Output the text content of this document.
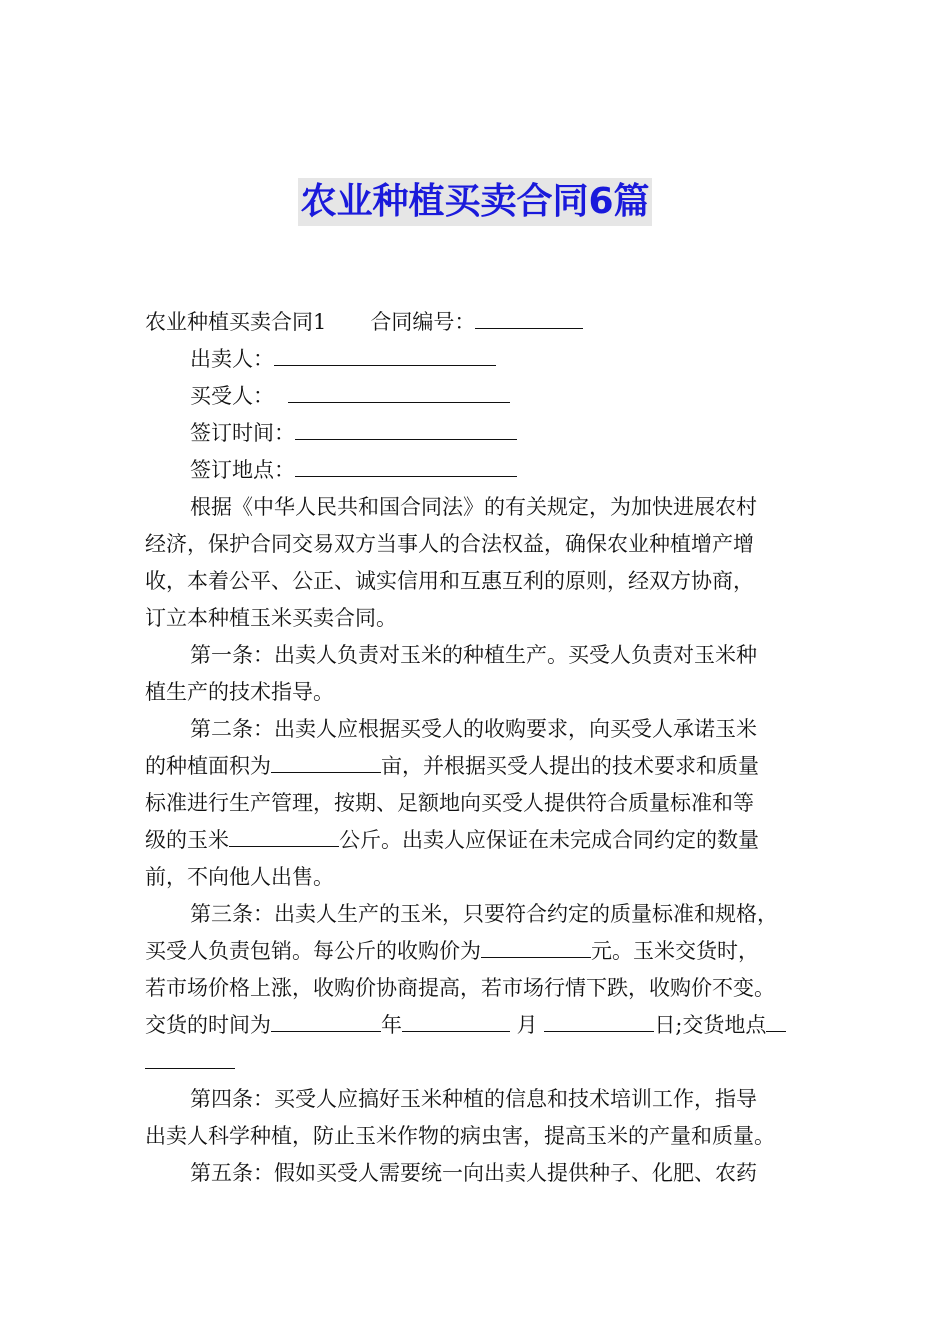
农业种植买卖合同6篇
农业种植买卖合同1 合同编号：
出卖人：
买受人：
签订时间：
签订地点：
根据《中华人民共和国合同法》的有关规定，为加快进展农村
经济，保护合同交易双方当事人的合法权益，确保农业种植增产增
收，本着公平、公正、诚实信用和互惠互利的原则，经双方协商，
订立本种植玉米买卖合同。
第一条：出卖人负责对玉米的种植生产。买受人负责对玉米种
植生产的技术指导。
第二条：出卖人应根据买受人的收购要求，向买受人承诺玉米
的种植面积为	亩，并根据买受人提出的技术要求和质量
标准进行生产管理，按期、足额地向买受人提供符合质量标准和等
级的玉米	公斤。出卖人应保证在未完成合同约定的数量
前，不向他人出售。
第三条：出卖人生产的玉米，只要符合约定的质量标准和规格，
买受人负责包销。每公斤的收购价为	元。玉米交货时，
若市场价格上涨，收购价协商提高，若市场行情下跌，收购价不变。
交货的时间为	年	月	日;交货地点
第四条：买受人应搞好玉米种植的信息和技术培训工作，指导
出卖人科学种植，防止玉米作物的病虫害，提高玉米的产量和质量。
第五条：假如买受人需要统一向出卖人提供种子、化肥、农药
